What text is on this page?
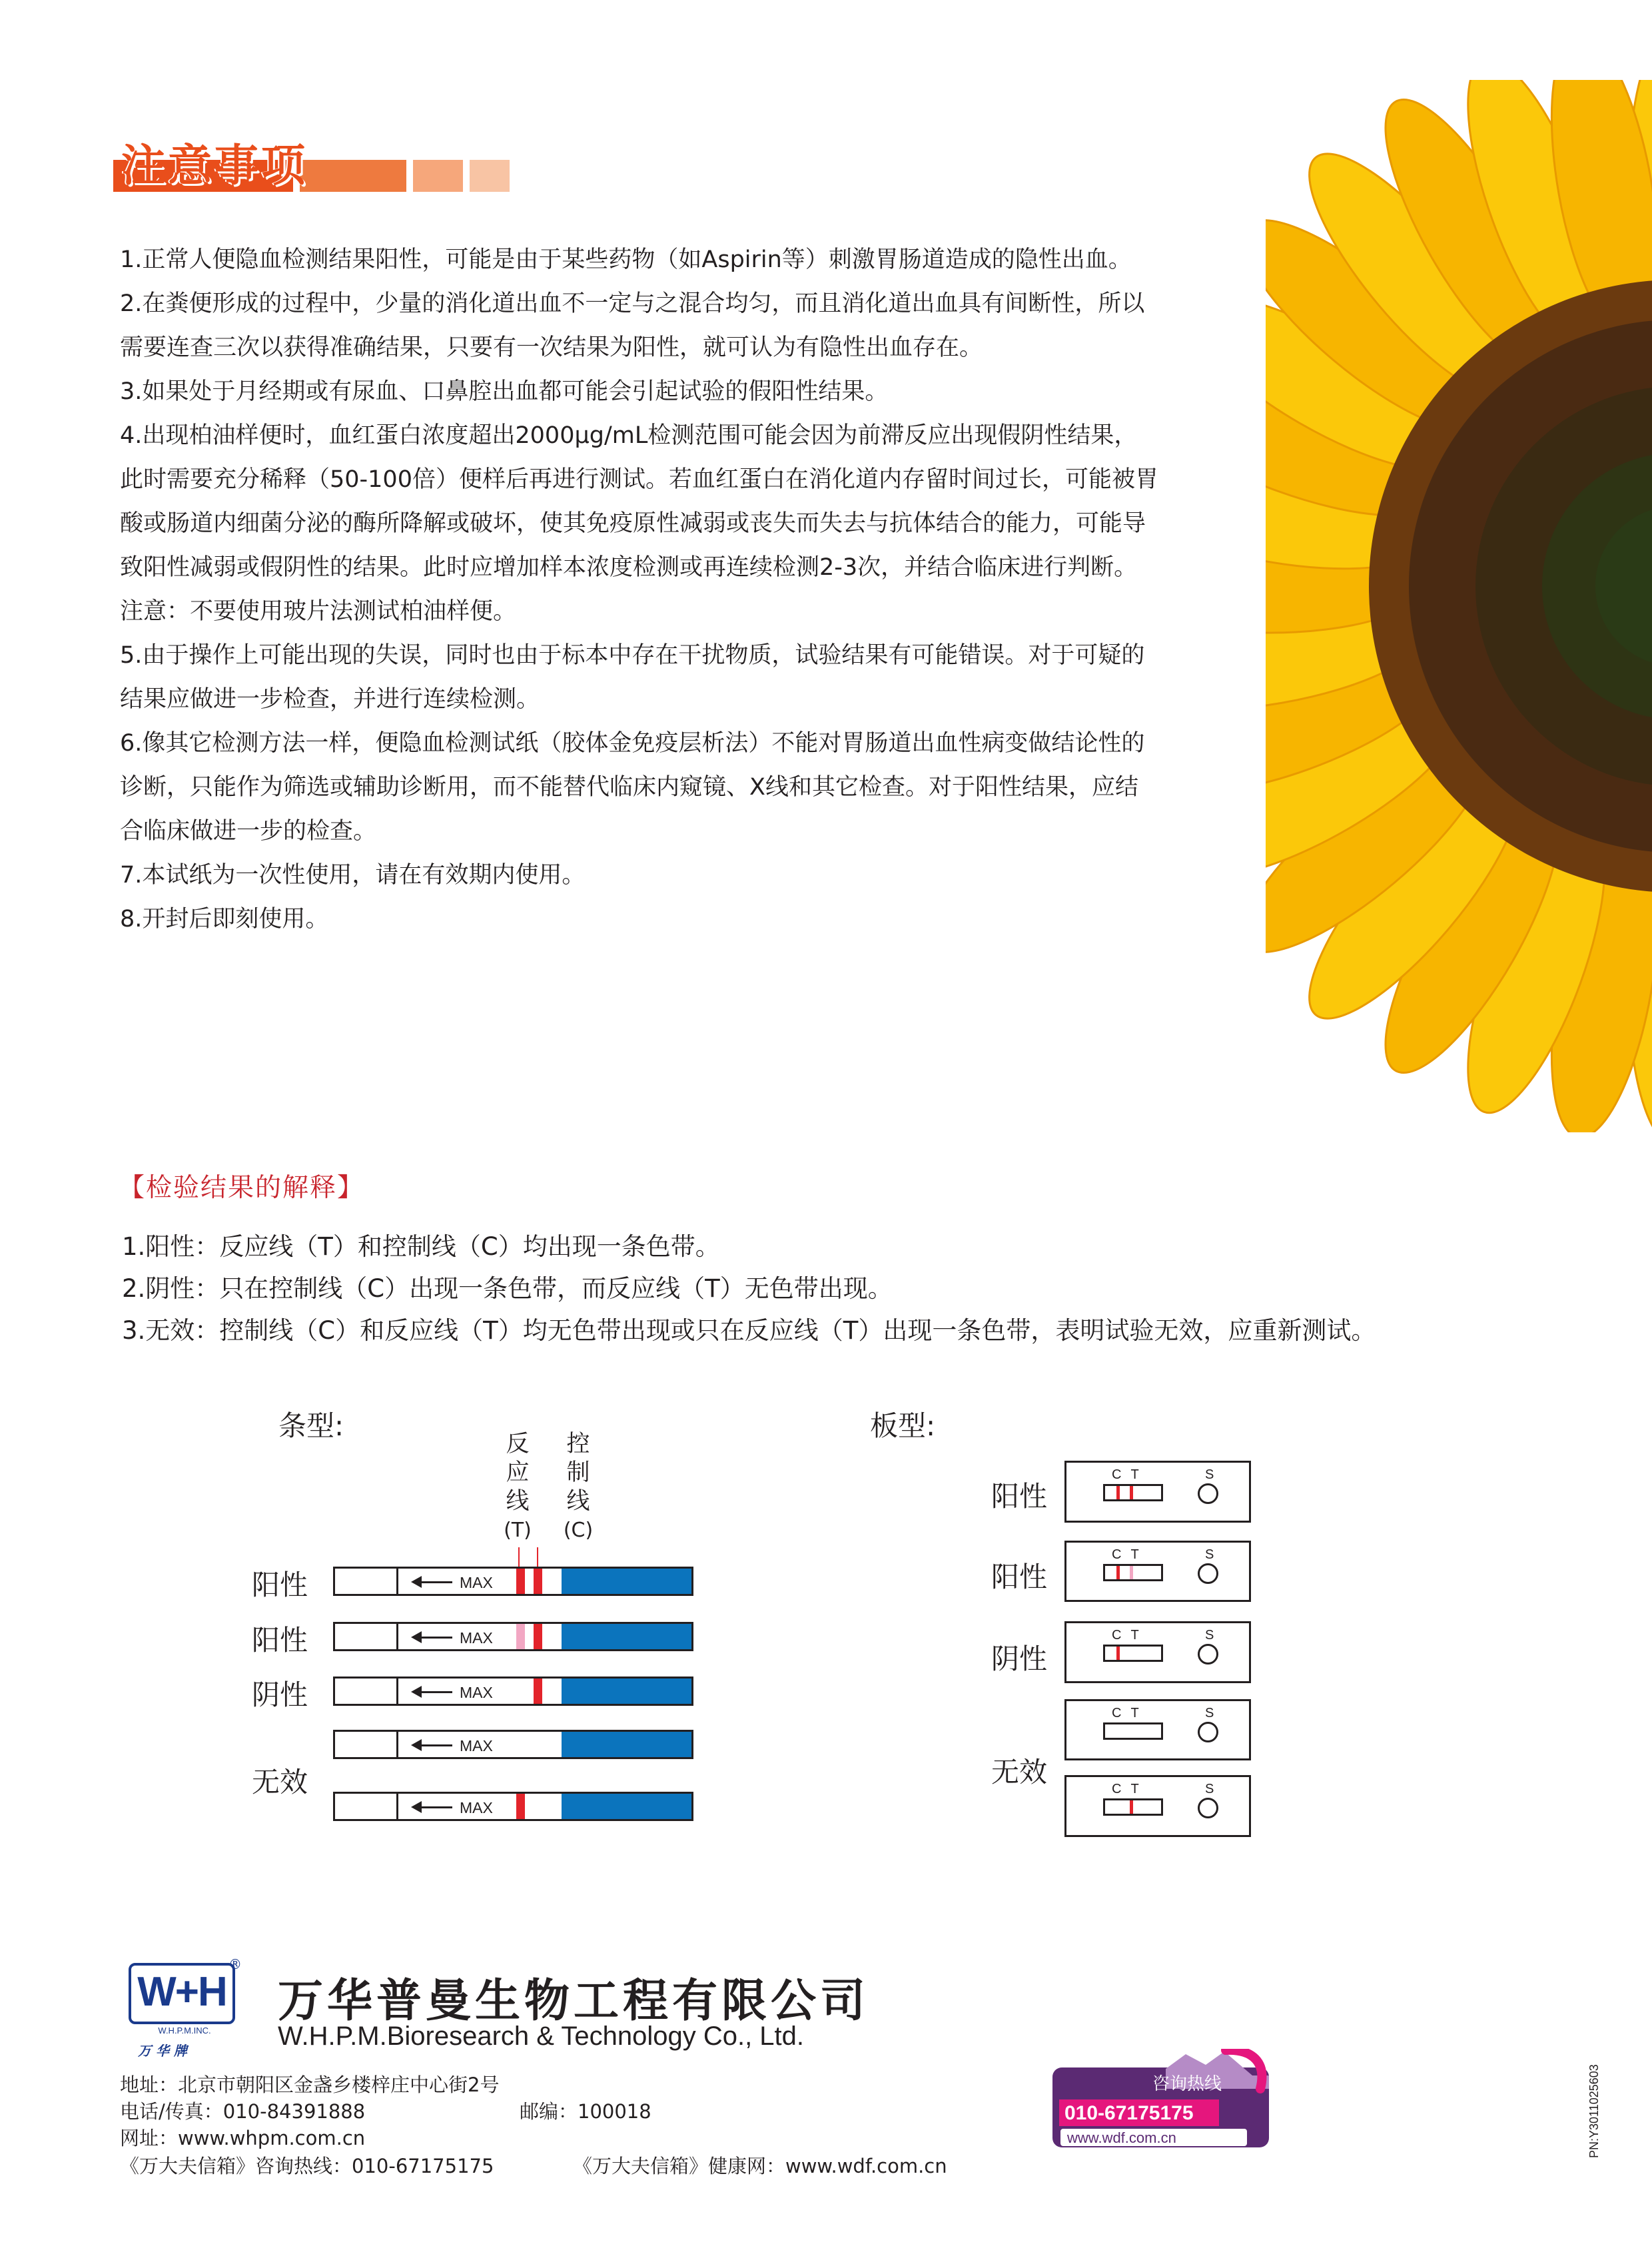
注意事项

1.正常人便隐血检测结果阳性，可能是由于某些药物（如Aspirin等）刺激胃肠道造成的隐性出血。

2.在粪便形成的过程中，少量的消化道出血不一定与之混合均匀，而且消化道出血具有间断性，所以需要连查三次以获得准确结果，只要有一次结果为阳性，就可认为有隐性出血存在。

3.如果处于月经期或有尿血、口鼻腔出血都可能会引起试验的假阳性结果。

4.出现柏油样便时，血红蛋白浓度超出2000μg/mL检测范围可能会因为前滞反应出现假阴性结果，此时需要充分稀释（50-100倍）便样后再进行测试。若血红蛋白在消化道内存留时间过长，可能被胃酸或肠道内细菌分泌的酶所降解或破坏，使其免疫原性减弱或丧失而失去与抗体结合的能力，可能导致阳性减弱或假阴性的结果。此时应增加样本浓度检测或再连续检测2-3次，并结合临床进行判断。注意：不要使用玻片法测试柏油样便。

5.由于操作上可能出现的失误，同时也由于标本中存在干扰物质，试验结果有可能错误。对于可疑的结果应做进一步检查，并进行连续检测。

6.像其它检测方法一样，便隐血检测试纸（胶体金免疫层析法）不能对胃肠道出血性病变做结论性的诊断，只能作为筛选或辅助诊断用，而不能替代临床内窥镜、X线和其它检查。对于阳性结果，应结合临床做进一步的检查。

7.本试纸为一次性使用，请在有效期内使用。

8.开封后即刻使用。

【检验结果的解释】

1.阳性：反应线（T）和控制线（C）均出现一条色带。

2.阴性：只在控制线（C）出现一条色带，而反应线（T）无色带出现。

3.无效：控制线（C）和反应线（T）均无色带出现或只在反应线（T）出现一条色带，表明试验无效，应重新测试。

条型:	板型:
反
应
线
(T)
控
制
线
(C)
阳性
阳性
阴性
无效
MAX
MAX
MAX
MAX
MAX
阳性
阳性
阴性
无效
CT	S
CT	S
CT	S
CT	S
CT	S
W+H
®
W.H.P.M.INC.
万 华 牌
万华普曼生物工程有限公司
W.H.P.M.Bioresearch & Technology Co., Ltd.
地址：北京市朝阳区金盏乡楼梓庄中心街2号
电话/传真：010-84391888	邮编：100018
网址：www.whpm.com.cn
《万大夫信箱》咨询热线：010-67175175	《万大夫信箱》健康网：www.wdf.com.cn
咨询热线
010-67175175
www.wdf.com.cn	PN:Y3011025603
